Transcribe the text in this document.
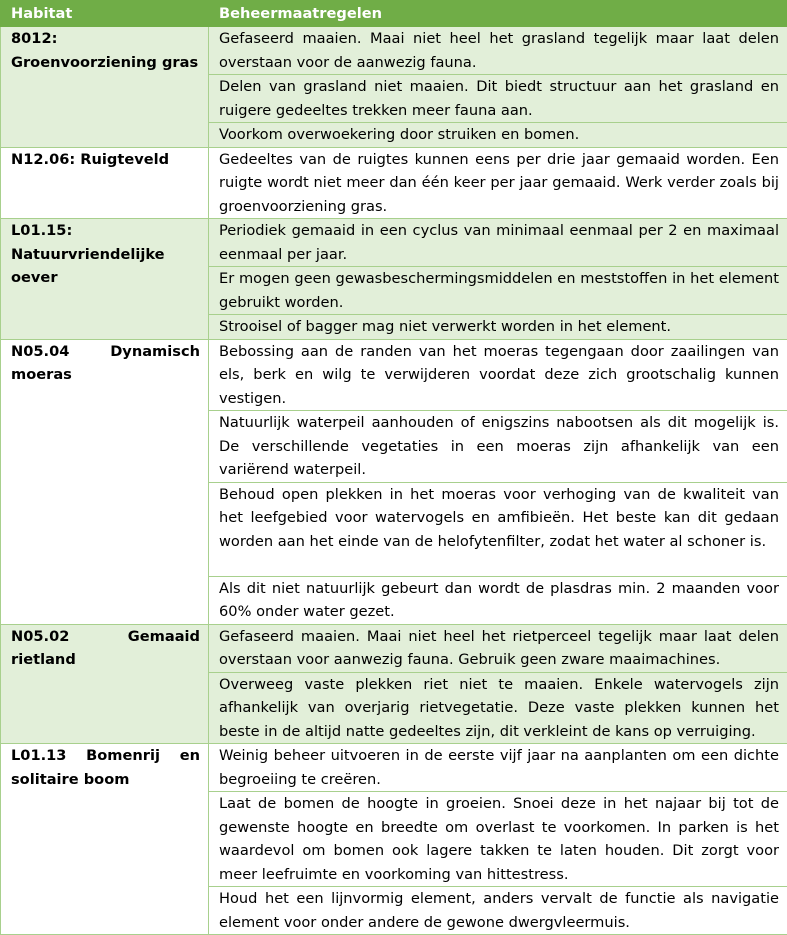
Habitat	Beheermaatregelen
8012: Groenvoorziening gras	Gefaseerd maaien. Maai niet heel het grasland tegelijk maar laat delen overstaan voor de aanwezig fauna.
	Delen van grasland niet maaien. Dit biedt structuur aan het grasland en ruigere gedeeltes trekken meer fauna aan.
	Voorkom overwoekering door struiken en bomen.
N12.06: Ruigteveld	Gedeeltes van de ruigtes kunnen eens per drie jaar gemaaid worden. Een ruigte wordt niet meer dan één keer per jaar gemaaid. Werk verder zoals bij groenvoorziening gras.
L01.15: Natuurvriendelijke oever	Periodiek gemaaid in een cyclus van minimaal eenmaal per 2 en maximaal eenmaal per jaar.
	Er mogen geen gewasbeschermingsmiddelen en meststoffen in het element gebruikt worden.
	Strooisel of bagger mag niet verwerkt worden in het element.
N05.04 Dynamisch moeras	Bebossing aan de randen van het moeras tegengaan door zaailingen van els, berk en wilg te verwijderen voordat deze zich grootschalig kunnen vestigen.
	Natuurlijk waterpeil aanhouden of enigszins nabootsen als dit mogelijk is. De verschillende vegetaties in een moeras zijn afhankelijk van een variërend waterpeil.
	Behoud open plekken in het moeras voor verhoging van de kwaliteit van het leefgebied voor watervogels en amfibieën. Het beste kan dit gedaan worden aan het einde van de helofytenfilter, zodat het water al schoner is.
	Als dit niet natuurlijk gebeurt dan wordt de plasdras min. 2 maanden voor 60% onder water gezet.
N05.02 Gemaaid rietland	Gefaseerd maaien. Maai niet heel het rietperceel tegelijk maar laat delen overstaan voor aanwezig fauna. Gebruik geen zware maaimachines.
	Overweeg vaste plekken riet niet te maaien. Enkele watervogels zijn afhankelijk van overjarig rietvegetatie. Deze vaste plekken kunnen het beste in de altijd natte gedeeltes zijn, dit verkleint de kans op verruiging.
L01.13 Bomenrij en solitaire boom	Weinig beheer uitvoeren in de eerste vijf jaar na aanplanten om een dichte begroeiing te creëren.
	Laat de bomen de hoogte in groeien. Snoei deze in het najaar bij tot de gewenste hoogte en breedte om overlast te voorkomen. In parken is het waardevol om bomen ook lagere takken te laten houden. Dit zorgt voor meer leefruimte en voorkoming van hittestress.
	Houd het een lijnvormig element, anders vervalt de functie als navigatie element voor onder andere de gewone dwergvleermuis.
